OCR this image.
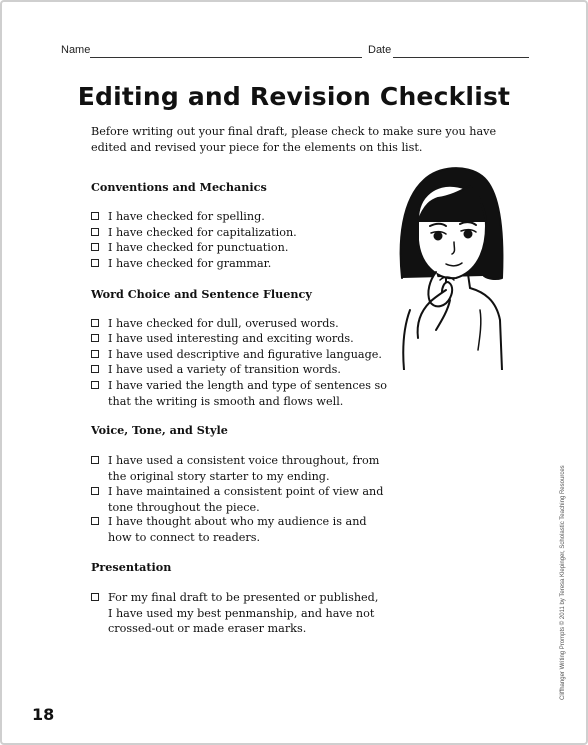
Name	Date
Editing and Revision Checklist
Before writing out your final draft, please check to make sure you have edited and revised your piece for the elements on this list.
Conventions and Mechanics
I have checked for spelling.
I have checked for capitalization.
I have checked for punctuation.
I have checked for grammar.
Word Choice and Sentence Fluency
I have checked for dull, overused words.
I have used interesting and exciting words.
I have used descriptive and figurative language.
I have used a variety of transition words.
I have varied the length and type of sentences so that the writing is smooth and flows well.
Voice, Tone, and Style
I have used a consistent voice throughout, from the original story starter to my ending.
I have maintained a consistent point of view and tone throughout the piece.
I have thought about who my audience is and how to connect to readers.
Presentation
For my final draft to be presented or published, I have used my best penmanship, and have not crossed-out or made eraser marks.	Cliffhanger Writing Prompts © 2011 by Teresa Klepinger, Scholastic Teaching Resources
18
